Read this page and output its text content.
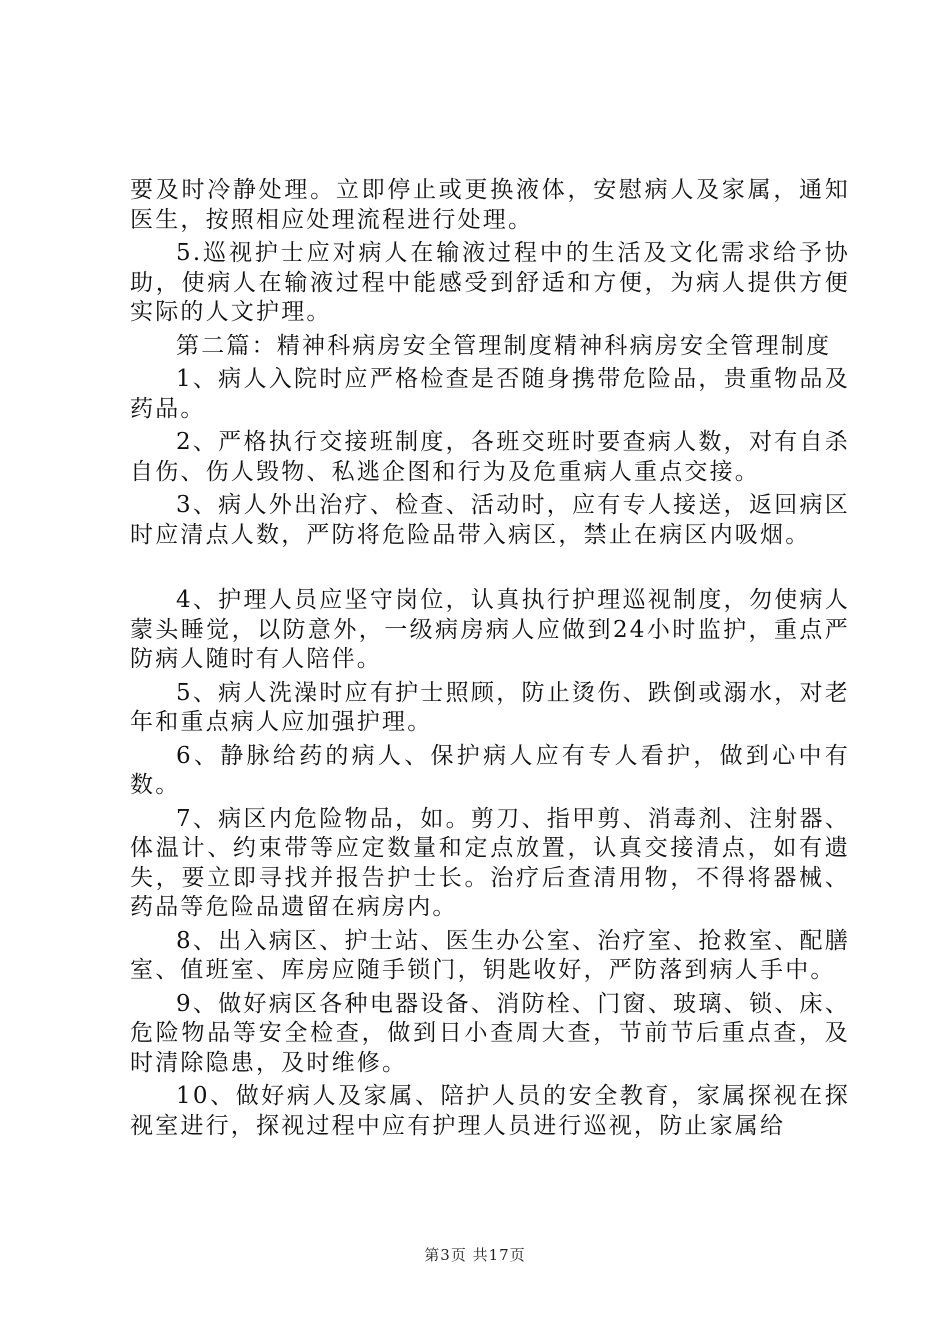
要及时冷静处理。立即停止或更换液体，安慰病人及家属，通知医生，按照相应处理流程进行处理。

5.巡视护士应对病人在输液过程中的生活及文化需求给予协助，使病人在输液过程中能感受到舒适和方便，为病人提供方便实际的人文护理。

第二篇：精神科病房安全管理制度精神科病房安全管理制度

1、病人入院时应严格检查是否随身携带危险品，贵重物品及药品。

2、严格执行交接班制度，各班交班时要查病人数，对有自杀自伤、伤人毁物、私逃企图和行为及危重病人重点交接。

3、病人外出治疗、检查、活动时，应有专人接送，返回病区时应清点人数，严防将危险品带入病区，禁止在病区内吸烟。

4、护理人员应坚守岗位，认真执行护理巡视制度，勿使病人蒙头睡觉，以防意外，一级病房病人应做到24小时监护，重点严防病人随时有人陪伴。

5、病人洗澡时应有护士照顾，防止烫伤、跌倒或溺水，对老年和重点病人应加强护理。

6、静脉给药的病人、保护病人应有专人看护，做到心中有数。

7、病区内危险物品，如。剪刀、指甲剪、消毒剂、注射器、体温计、约束带等应定数量和定点放置，认真交接清点，如有遗失，要立即寻找并报告护士长。治疗后查清用物，不得将器械、药品等危险品遗留在病房内。

8、出入病区、护士站、医生办公室、治疗室、抢救室、配膳室、值班室、库房应随手锁门，钥匙收好，严防落到病人手中。

9、做好病区各种电器设备、消防栓、门窗、玻璃、锁、床、危险物品等安全检查，做到日小查周大查，节前节后重点查，及时清除隐患，及时维修。

10、做好病人及家属、陪护人员的安全教育，家属探视在探视室进行，探视过程中应有护理人员进行巡视，防止家属给

第3页 共17页
